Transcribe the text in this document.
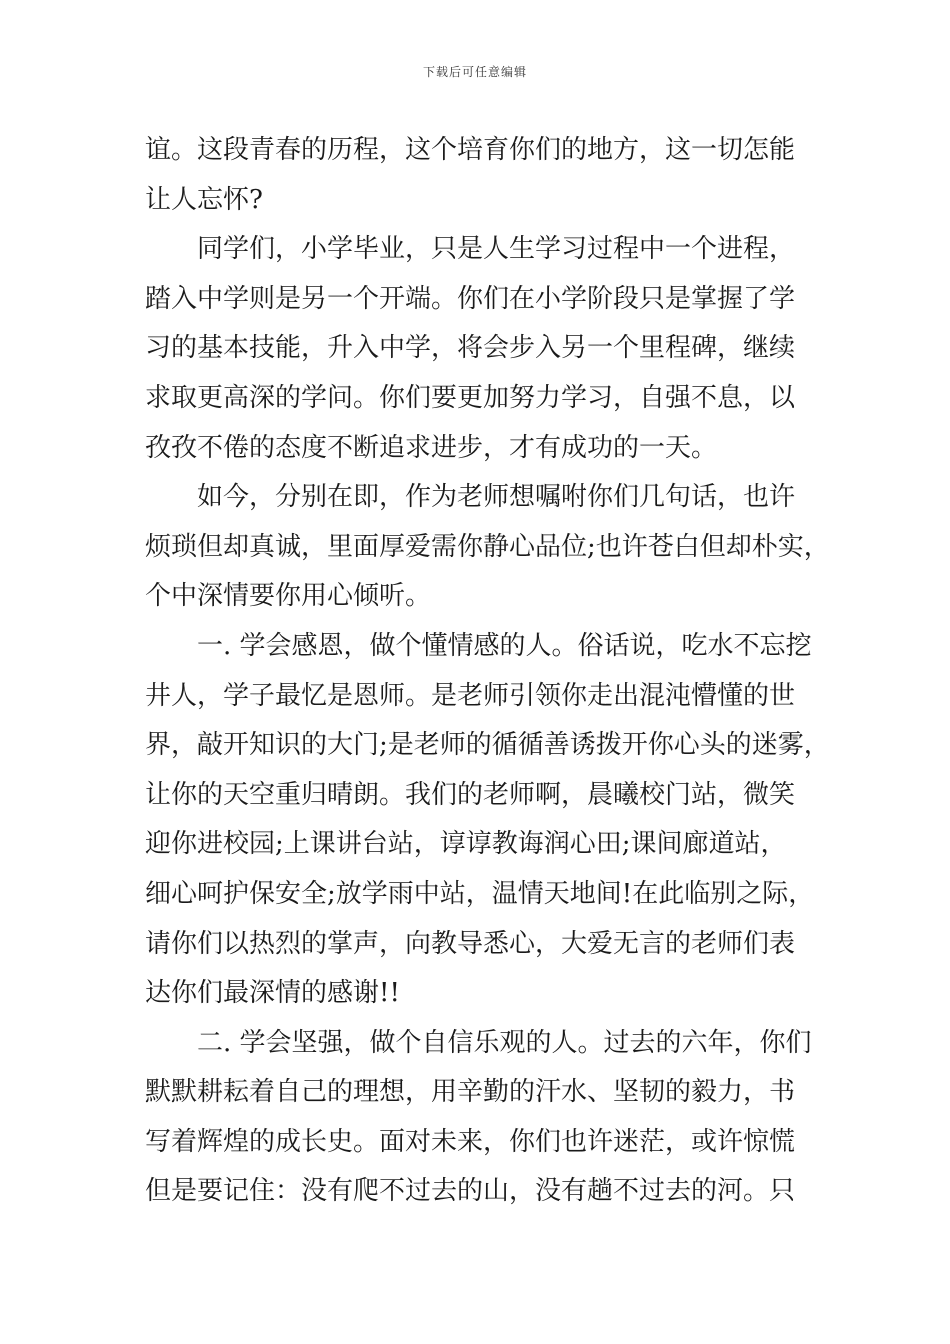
下载后可任意编辑
谊。这段青春的历程，这个培育你们的地方，这一切怎能
让人忘怀?
同学们，小学毕业，只是人生学习过程中一个进程，
踏入中学则是另一个开端。你们在小学阶段只是掌握了学
习的基本技能，升入中学，将会步入另一个里程碑，继续
求取更高深的学问。你们要更加努力学习，自强不息，以
孜孜不倦的态度不断追求进步，才有成功的一天。
如今，分别在即，作为老师想嘱咐你们几句话，也许
烦琐但却真诚，里面厚爱需你静心品位;也许苍白但却朴实，
个中深情要你用心倾听。
一. 学会感恩，做个懂情感的人。俗话说，吃水不忘挖
井人，学子最忆是恩师。是老师引领你走出混沌懵懂的世
界，敲开知识的大门;是老师的循循善诱拨开你心头的迷雾，
让你的天空重归晴朗。我们的老师啊，晨曦校门站，微笑
迎你进校园;上课讲台站，谆谆教诲润心田;课间廊道站，
细心呵护保安全;放学雨中站，温情天地间!在此临别之际，
请你们以热烈的掌声，向教导悉心，大爱无言的老师们表
达你们最深情的感谢!!
二. 学会坚强，做个自信乐观的人。过去的六年，你们
默默耕耘着自己的理想，用辛勤的汗水、坚韧的毅力，书
写着辉煌的成长史。面对未来，你们也许迷茫，或许惊慌
但是要记住：没有爬不过去的山，没有趟不过去的河。只
